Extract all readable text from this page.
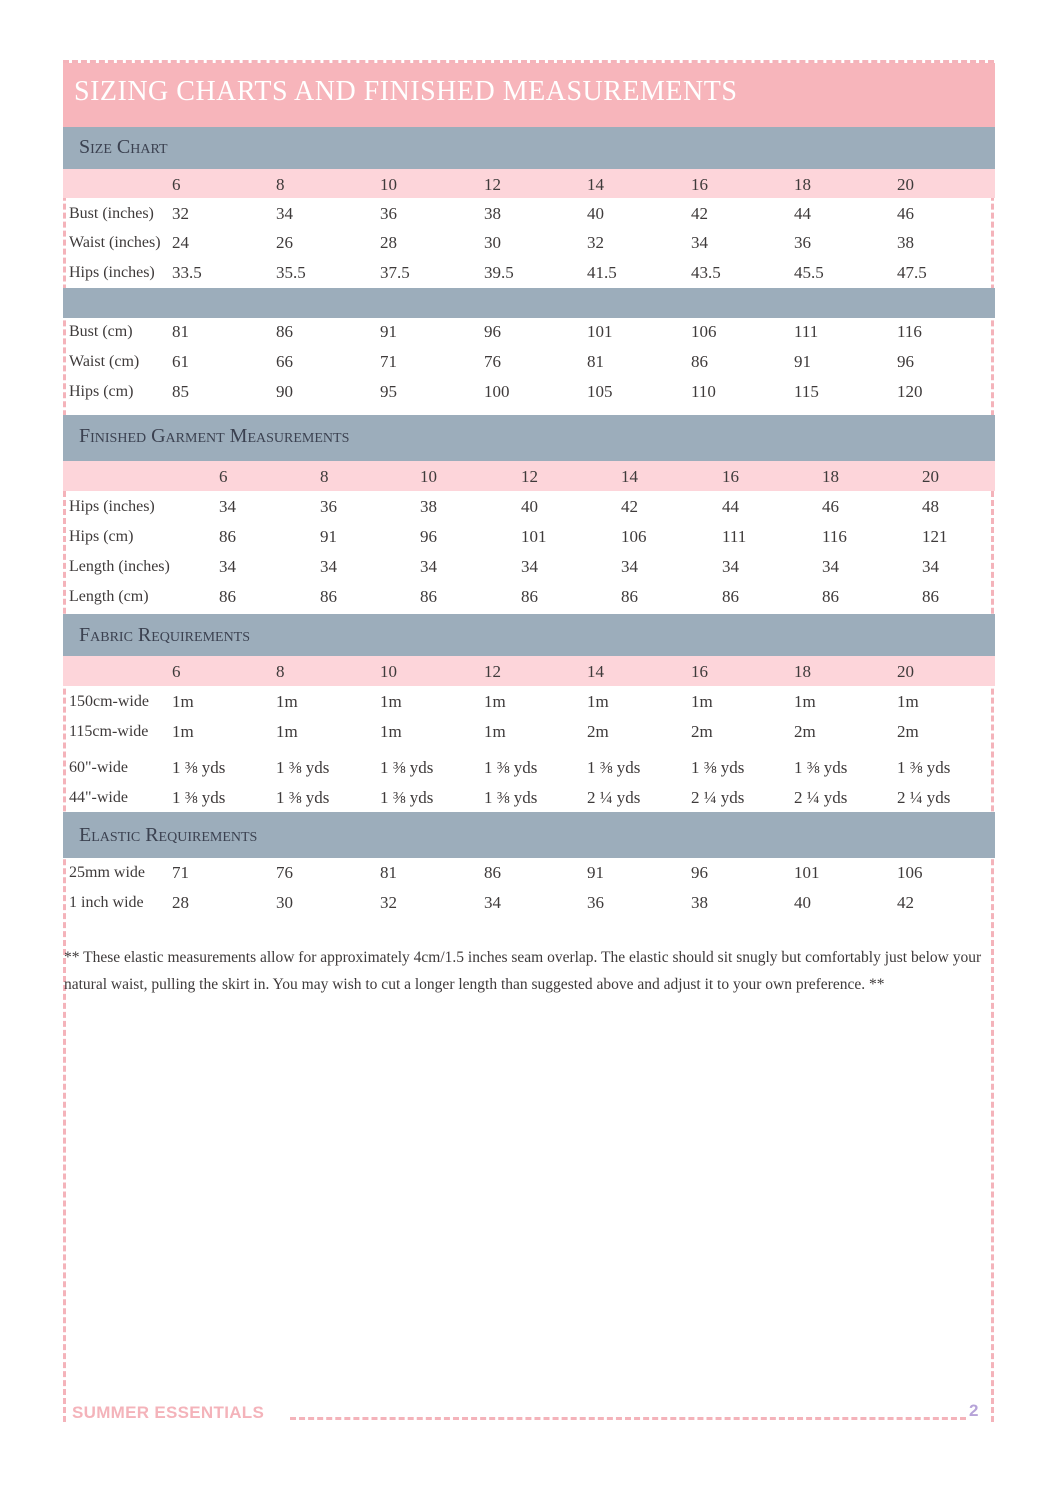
SIZING CHARTS AND FINISHED MEASUREMENTS
Size Chart
6	8	10	12	14	16	18	20
Bust (inches) 32	34	36	38	40	42	44	46
Waist (inches) 24	26	28	30	32	34	36	38
Hips (inches) 33.5	35.5	37.5	39.5	41.5	43.5	45.5	47.5
Bust (cm) 81	86	91	96	101	106	111	116
Waist (cm) 61	66	71	76	81	86	91	96
Hips (cm) 85	90	95	100	105	110	115	120
Finished Garment Measurements
6	8	10	12	14	16	18	20
Hips (inches)	34	36	38	40	42	44	46	48
Hips (cm)	86	91	96	101	106	111	116	121
Length (inches)	34	34	34	34	34	34	34	34
Length (cm)	86	86	86	86	86	86	86	86
Fabric Requirements
6	8	10	12	14	16	18	20
150cm-wide 1m	1m	1m	1m	1m	1m	1m	1m
115cm-wide 1m	1m	1m	1m	2m	2m	2m	2m
60"-wide	1 ⅜ yds	1 ⅜ yds	1 ⅜ yds	1 ⅜ yds	1 ⅜ yds	1 ⅜ yds	1 ⅜ yds	1 ⅜ yds
44"-wide	1 ⅜ yds	1 ⅜ yds	1 ⅜ yds	1 ⅜ yds	2 ¼ yds	2 ¼ yds	2 ¼ yds	2 ¼ yds
Elastic Requirements
25mm wide 71	76	81	86	91	96	101	106
1 inch wide 28	30	32	34	36	38	40	42
** These elastic measurements allow for approximately 4cm/1.5 inches seam overlap. The elastic should sit snugly but comfortably just below your natural waist, pulling the skirt in. You may wish to cut a longer length than suggested above and adjust it to your own preference. **
SUMMER ESSENTIALS	2
